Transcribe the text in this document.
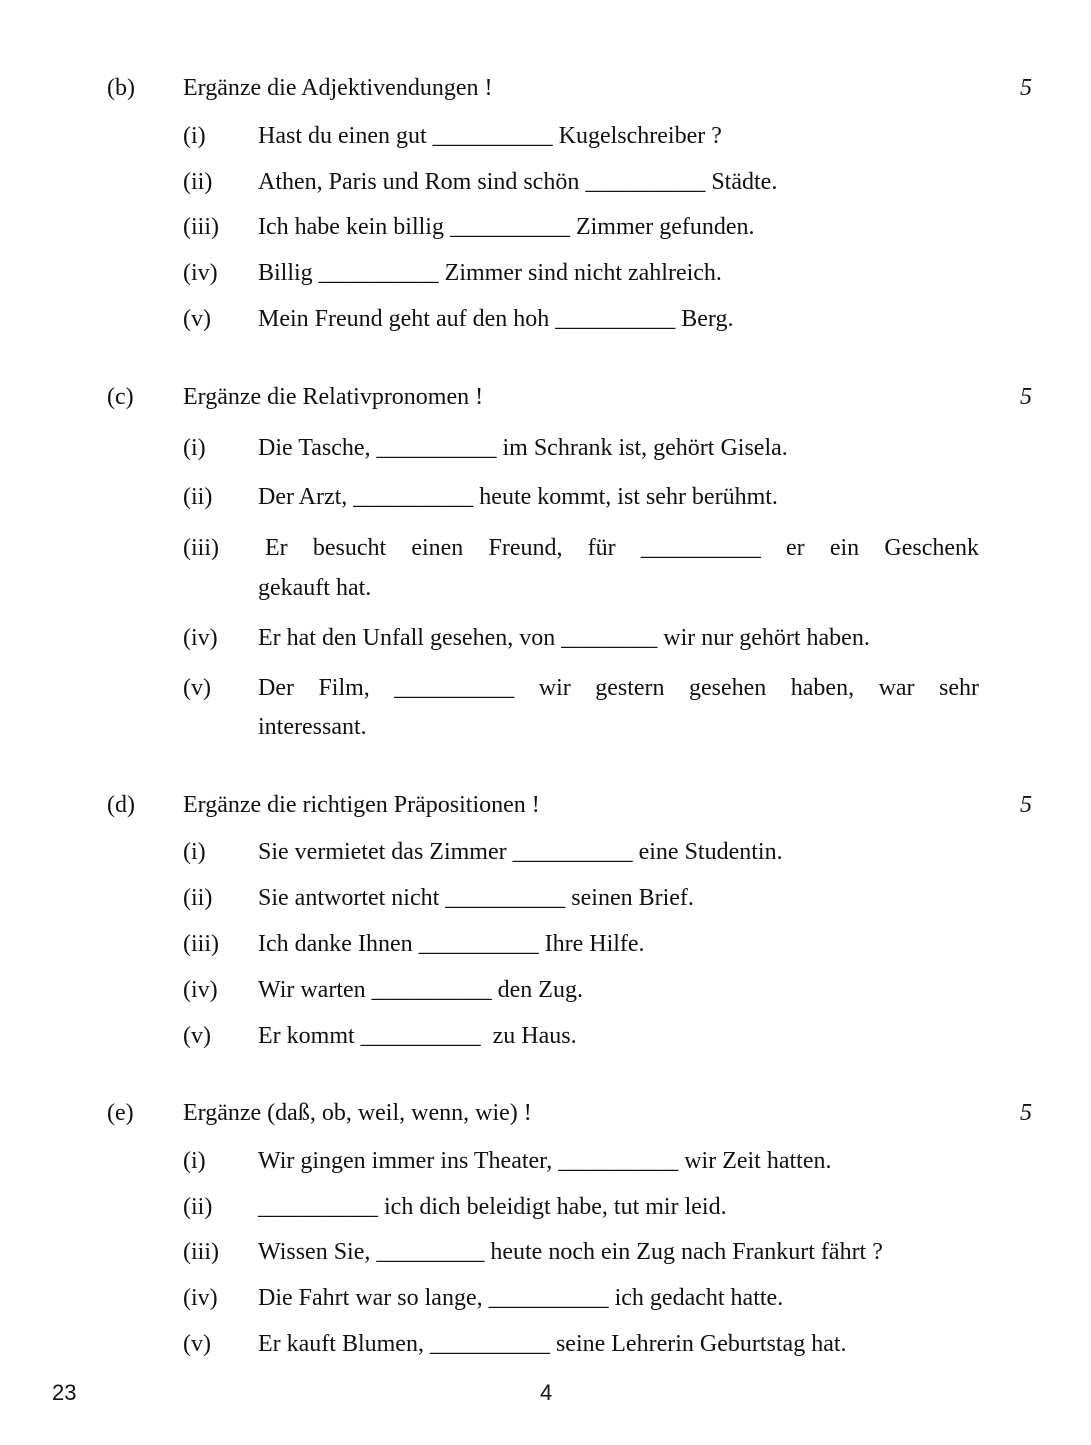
(b) Ergänze die Adjektivendungen !	5
(i) Hast du einen gut __________ Kugelschreiber ?
(ii) Athen, Paris und Rom sind schön __________ Städte.
(iii) Ich habe kein billig __________ Zimmer gefunden.
(iv) Billig __________ Zimmer sind nicht zahlreich.
(v) Mein Freund geht auf den hoh __________ Berg.
(c) Ergänze die Relativpronomen !	5
(i) Die Tasche, __________ im Schrank ist, gehört Gisela.
(ii) Der Arzt, __________ heute kommt, ist sehr berühmt.
(iii) Er besucht einen Freund, für __________ er ein Geschenk
gekauft hat.
(iv) Er hat den Unfall gesehen, von ________ wir nur gehört haben.
(v) Der Film, __________ wir gestern gesehen haben, war sehr
interessant.
(d) Ergänze die richtigen Präpositionen !	5
(i) Sie vermietet das Zimmer __________ eine Studentin.
(ii) Sie antwortet nicht __________ seinen Brief.
(iii) Ich danke Ihnen __________ Ihre Hilfe.
(iv) Wir warten __________ den Zug.
(v) Er kommt __________  zu Haus.
(e) Ergänze (daß, ob, weil, wenn, wie) !	5
(i) Wir gingen immer ins Theater, __________ wir Zeit hatten.
(ii) __________ ich dich beleidigt habe, tut mir leid.
(iii) Wissen Sie, _________ heute noch ein Zug nach Frankurt fährt ?
(iv) Die Fahrt war so lange, __________ ich gedacht hatte.
(v) Er kauft Blumen, __________ seine Lehrerin Geburtstag hat.
23	4
